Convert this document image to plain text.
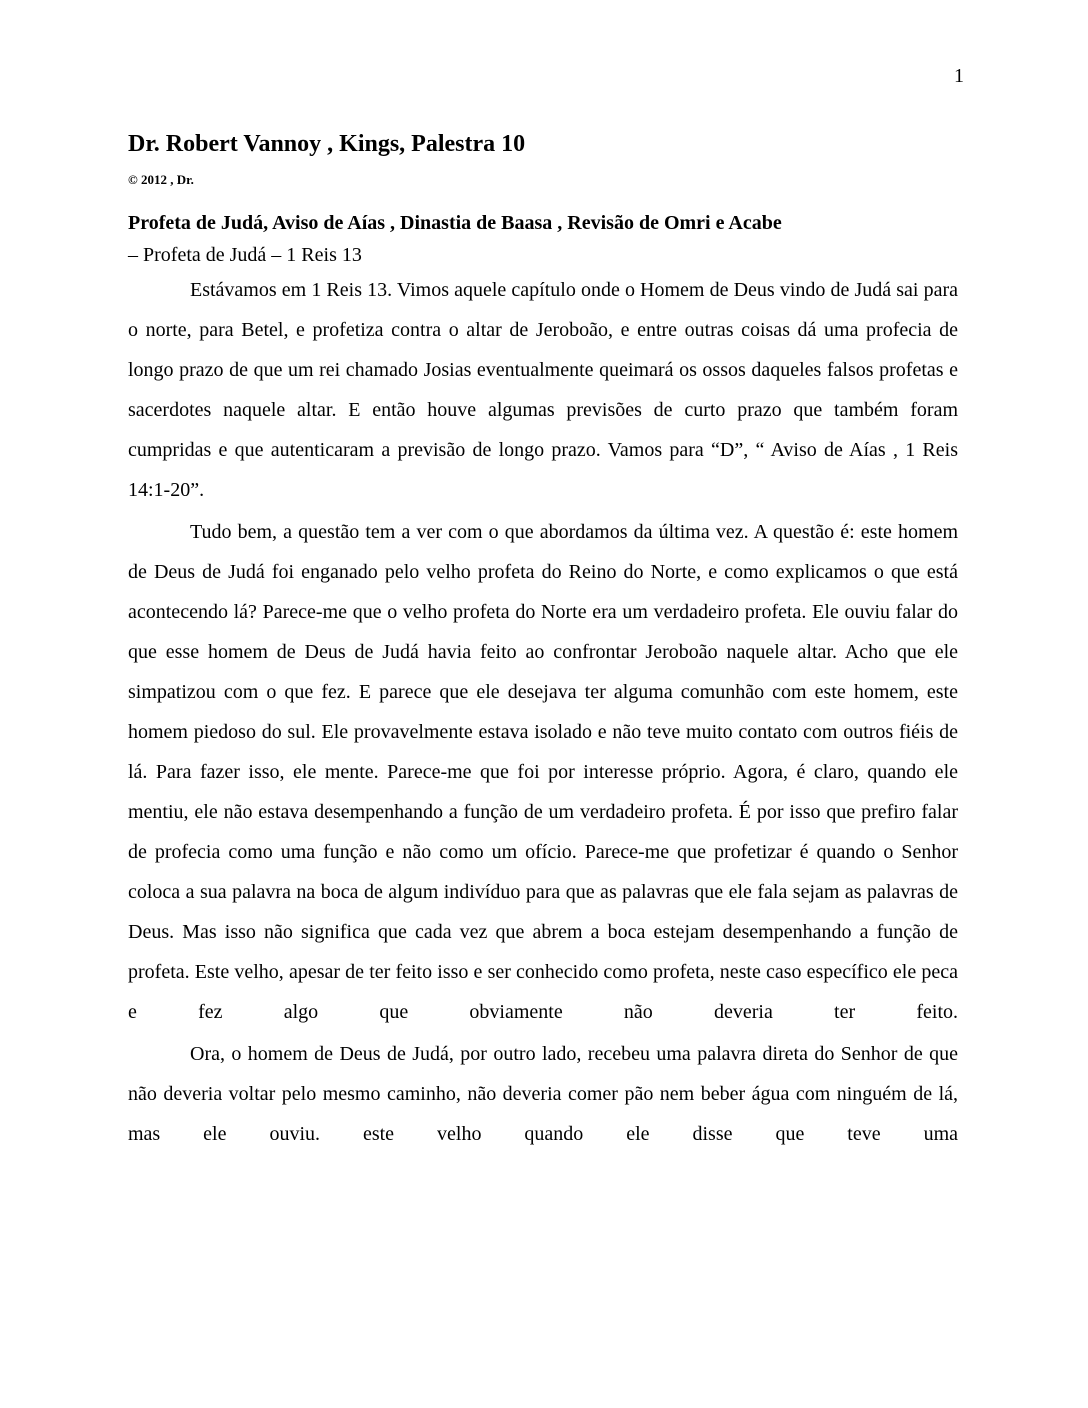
1
Dr. Robert Vannoy , Kings, Palestra 10
© 2012 , Dr.
Profeta de Judá, Aviso de Aías , Dinastia de Baasa , Revisão de Omri e Acabe
– Profeta de Judá – 1 Reis 13

Estávamos em 1 Reis 13. Vimos aquele capítulo onde o Homem de Deus vindo de Judá sai para o norte, para Betel, e profetiza contra o altar de Jeroboão, e entre outras coisas dá uma profecia de longo prazo de que um rei chamado Josias eventualmente queimará os ossos daqueles falsos profetas e sacerdotes naquele altar. E então houve algumas previsões de curto prazo que também foram cumpridas e que autenticaram a previsão de longo prazo. Vamos para “D”, “ Aviso de Aías , 1 Reis 14:1-20”.

Tudo bem, a questão tem a ver com o que abordamos da última vez. A questão é: este homem de Deus de Judá foi enganado pelo velho profeta do Reino do Norte, e como explicamos o que está acontecendo lá? Parece-me que o velho profeta do Norte era um verdadeiro profeta. Ele ouviu falar do que esse homem de Deus de Judá havia feito ao confrontar Jeroboão naquele altar. Acho que ele simpatizou com o que fez. E parece que ele desejava ter alguma comunhão com este homem, este homem piedoso do sul. Ele provavelmente estava isolado e não teve muito contato com outros fiéis de lá. Para fazer isso, ele mente. Parece-me que foi por interesse próprio. Agora, é claro, quando ele mentiu, ele não estava desempenhando a função de um verdadeiro profeta. É por isso que prefiro falar de profecia como uma função e não como um ofício. Parece-me que profetizar é quando o Senhor coloca a sua palavra na boca de algum indivíduo para que as palavras que ele fala sejam as palavras de Deus. Mas isso não significa que cada vez que abrem a boca estejam desempenhando a função de profeta. Este velho, apesar de ter feito isso e ser conhecido como profeta, neste caso específico ele peca e fez algo que obviamente não deveria ter feito.

Ora, o homem de Deus de Judá, por outro lado, recebeu uma palavra direta do Senhor de que não deveria voltar pelo mesmo caminho, não deveria comer pão nem beber água com ninguém de lá, mas ele ouviu. este velho quando ele disse que teve uma
